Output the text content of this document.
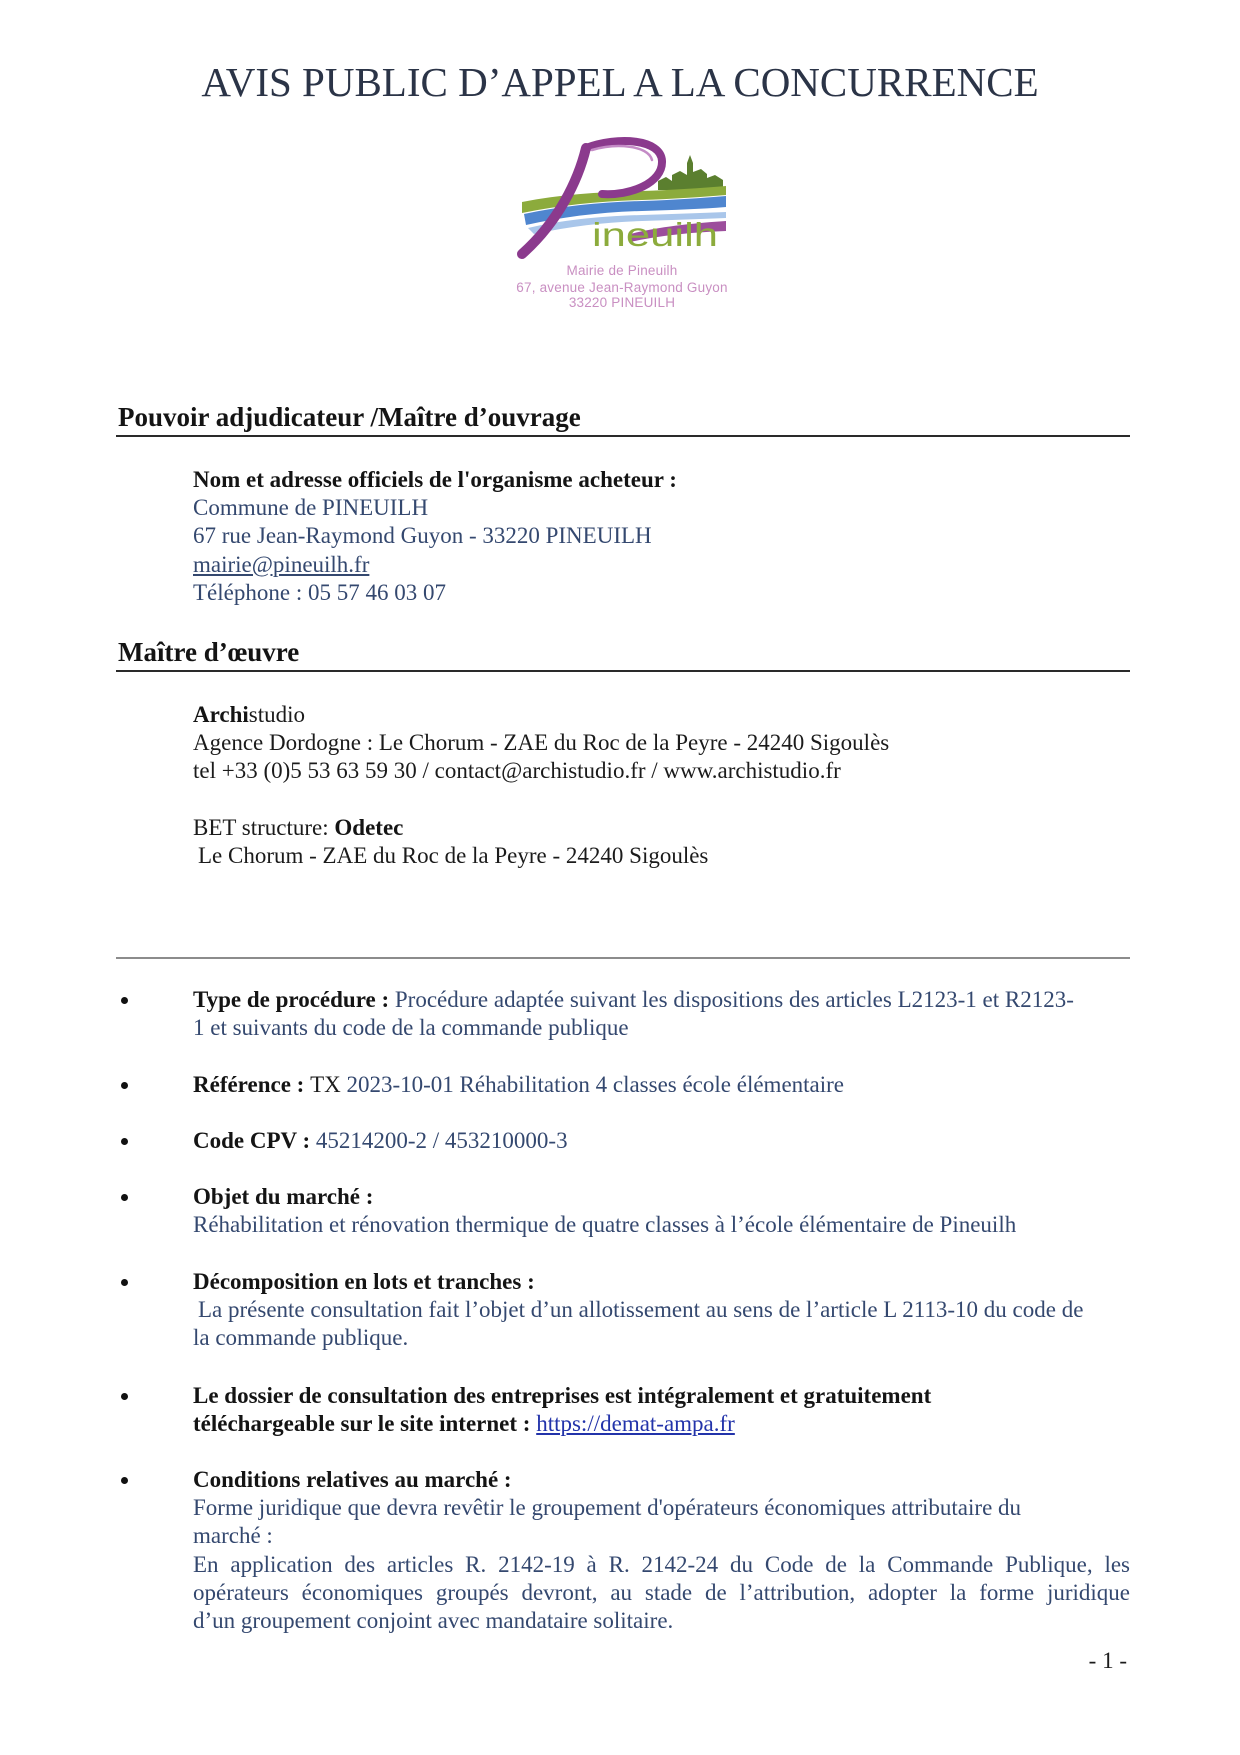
AVIS PUBLIC D’APPEL A LA CONCURRENCE
ineuilh
Mairie de Pineuilh
67, avenue Jean-Raymond Guyon
33220 PINEUILH
Pouvoir adjudicateur /Maître d’ouvrage
Nom et adresse officiels de l'organisme acheteur :
Commune de PINEUILH
67 rue Jean-Raymond Guyon - 33220 PINEUILH
mairie@pineuilh.fr
Téléphone : 05 57 46 03 07
Maître d’œuvre
Archistudio
Agence Dordogne : Le Chorum - ZAE du Roc de la Peyre - 24240 Sigoulès
tel +33 (0)5 53 63 59 30 / contact@archistudio.fr / www.archistudio.fr
BET structure: Odetec
Le Chorum - ZAE du Roc de la Peyre - 24240 Sigoulès
Type de procédure : Procédure adaptée suivant les dispositions des articles L2123-1 et R2123-
1 et suivants du code de la commande publique
Référence : TX 2023-10-01 Réhabilitation 4 classes école élémentaire
Code CPV : 45214200-2 / 453210000-3
Objet du marché :
Réhabilitation et rénovation thermique de quatre classes à l’école élémentaire de Pineuilh
Décomposition en lots et tranches :
La présente consultation fait l’objet d’un allotissement au sens de l’article L 2113-10 du code de
la commande publique.
Le dossier de consultation des entreprises est intégralement et gratuitement
téléchargeable sur le site internet : https://demat-ampa.fr
Conditions relatives au marché :
Forme juridique que devra revêtir le groupement d'opérateurs économiques attributaire du
marché :
En application des articles R. 2142-19 à R. 2142-24 du Code de la Commande Publique, les
opérateurs économiques groupés devront, au stade de l’attribution, adopter la forme juridique
d’un groupement conjoint avec mandataire solitaire.
- 1 -
